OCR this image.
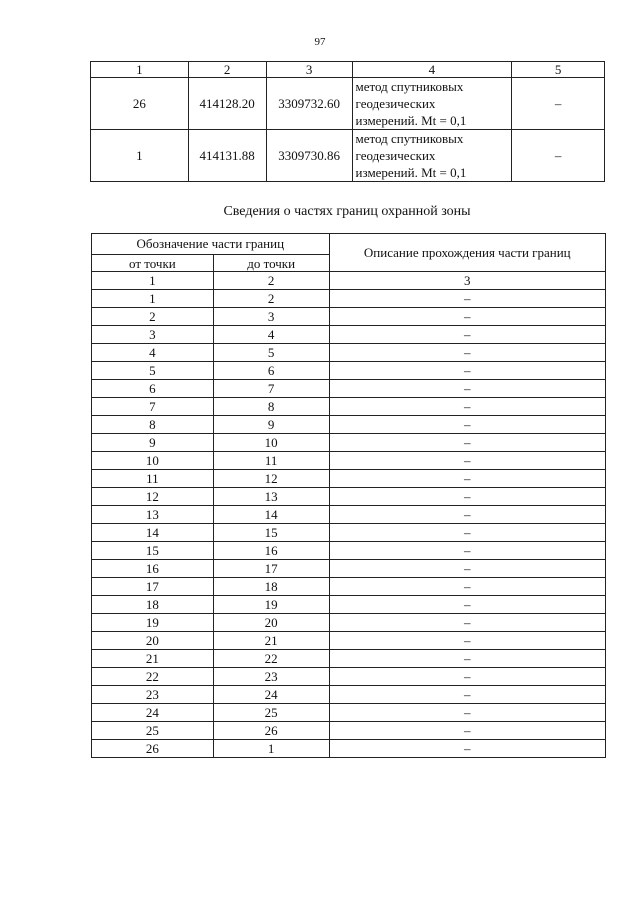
97
1	2	3	4	5
26	414128.20	3309732.60	метод спутниковых
геодезических
измерений. Mt = 0,1	–
1	414131.88	3309730.86	метод спутниковых
геодезических
измерений. Mt = 0,1	–
Сведения о частях границ охранной зоны
Обозначение части границ		Описание прохождения части границ
от точки	до точки	
1	2	3
1	2	–
2	3	–
3	4	–
4	5	–
5	6	–
6	7	–
7	8	–
8	9	–
9	10	–
10	11	–
11	12	–
12	13	–
13	14	–
14	15	–
15	16	–
16	17	–
17	18	–
18	19	–
19	20	–
20	21	–
21	22	–
22	23	–
23	24	–
24	25	–
25	26	–
26	1	–
